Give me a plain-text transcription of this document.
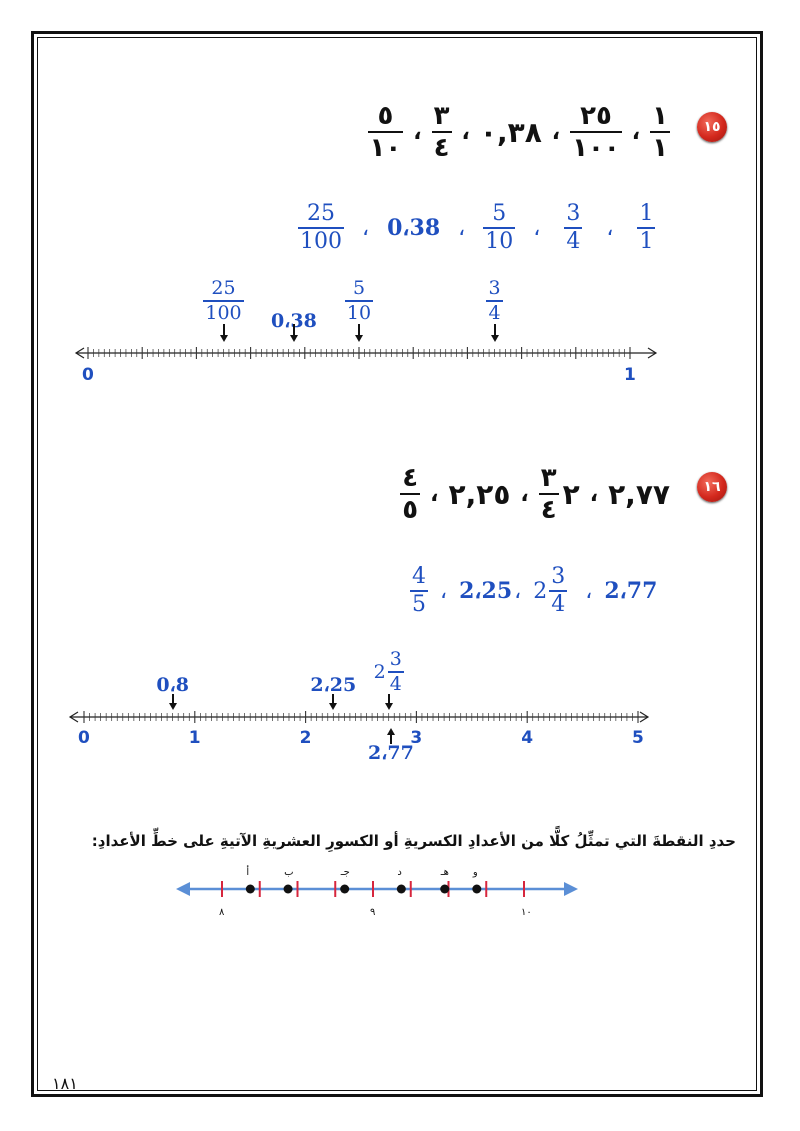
١٥
$\frac{١}{١}$
،
$\frac{٢٥}{١٠٠}$
،
٠,٣٨
،
$\frac{٣}{٤}$
،
$\frac{٥}{١٠}$
$\frac{25}{100}$ ، 0،38 ، $\frac{5}{10}$ ، $\frac{3}{4}$ ، $\frac{1}{1}$
0	1
$\frac{25}{100}$ 0،38 $\frac{5}{10}$	$\frac{3}{4}$
١٦
٢,٧٧
،
٢
$\frac{٣}{٤}$
،
٢,٢٥
،
$\frac{٤}{٥}$
$\frac{4}{5}$ ، 2،25 ، $2 \frac{3}{4}$ ، 2،77
0	1	2	3	4	5
0،8	2،25
$2 \frac{3}{4}$
2،77
حددِ النقطةَ التي تمثِّلُ كلًّا من الأعدادِ الكسريةِ أو الكسورِ العشريةِ الآتيةِ على خطِّ الأعدادِ:
٨	٩	١٠
أ	ب	جـ	د	هـ و
١٨١
